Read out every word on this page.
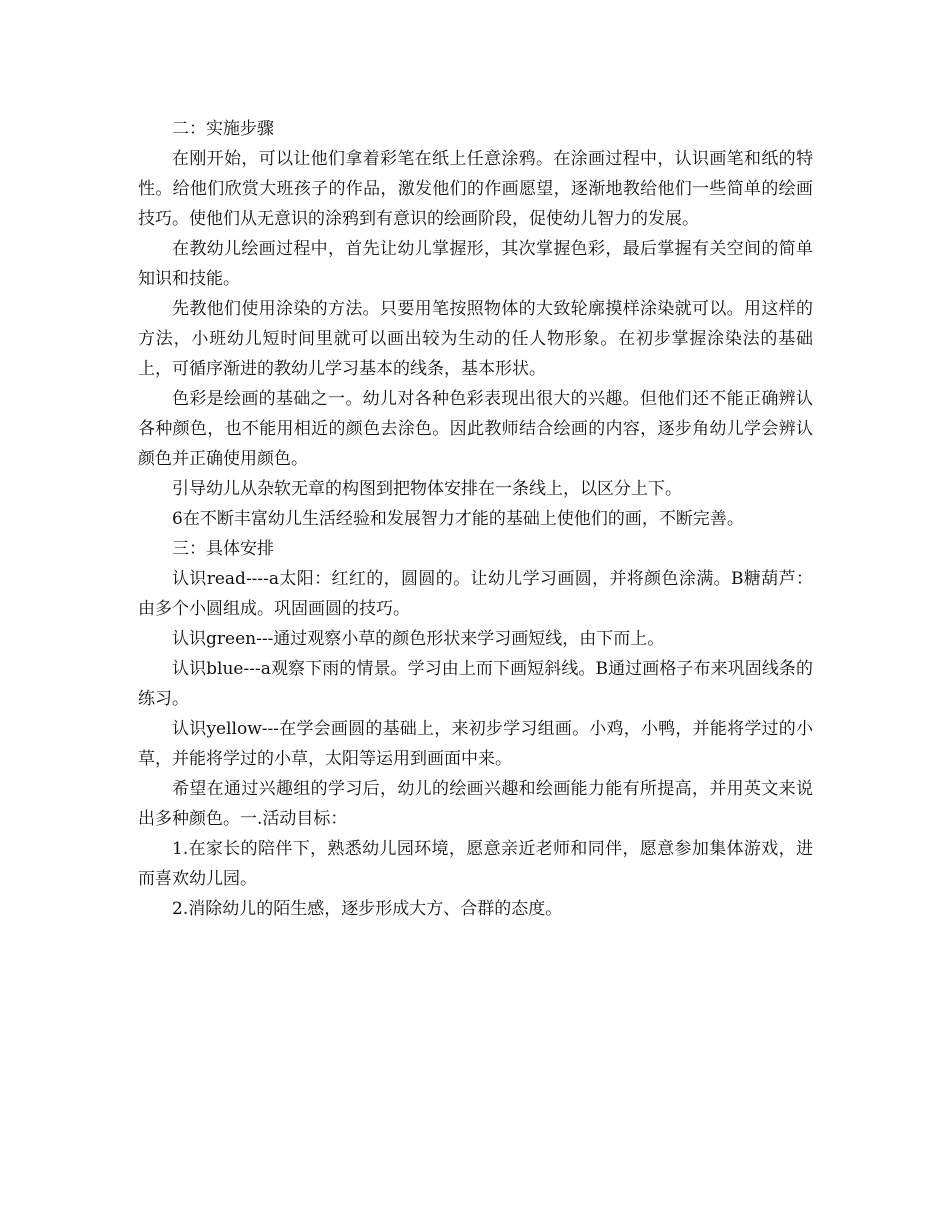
二：实施步骤

在刚开始，可以让他们拿着彩笔在纸上任意涂鸦。在涂画过程中，认识画笔和纸的特性。给他们欣赏大班孩子的作品，激发他们的作画愿望，逐渐地教给他们一些简单的绘画技巧。使他们从无意识的涂鸦到有意识的绘画阶段，促使幼儿智力的发展。

在教幼儿绘画过程中，首先让幼儿掌握形，其次掌握色彩，最后掌握有关空间的简单知识和技能。

先教他们使用涂染的方法。只要用笔按照物体的大致轮廓摸样涂染就可以。用这样的方法，小班幼儿短时间里就可以画出较为生动的任人物形象。在初步掌握涂染法的基础上，可循序渐进的教幼儿学习基本的线条，基本形状。

色彩是绘画的基础之一。幼儿对各种色彩表现出很大的兴趣。但他们还不能正确辨认各种颜色，也不能用相近的颜色去涂色。因此教师结合绘画的内容，逐步角幼儿学会辨认颜色并正确使用颜色。

引导幼儿从杂软无章的构图到把物体安排在一条线上，以区分上下。

6在不断丰富幼儿生活经验和发展智力才能的基础上使他们的画，不断完善。

三：具体安排

认识read----a太阳：红红的，圆圆的。让幼儿学习画圆，并将颜色涂满。B糖葫芦：由多个小圆组成。巩固画圆的技巧。

认识green---通过观察小草的颜色形状来学习画短线，由下而上。

认识blue---a观察下雨的情景。学习由上而下画短斜线。B通过画格子布来巩固线条的练习。

认识yellow---在学会画圆的基础上，来初步学习组画。小鸡，小鸭，并能将学过的小草，并能将学过的小草，太阳等运用到画面中来。

希望在通过兴趣组的学习后，幼儿的绘画兴趣和绘画能力能有所提高，并用英文来说出多种颜色。一.活动目标：

1.在家长的陪伴下，熟悉幼儿园环境，愿意亲近老师和同伴，愿意参加集体游戏，进而喜欢幼儿园。

2.消除幼儿的陌生感，逐步形成大方、合群的态度。
